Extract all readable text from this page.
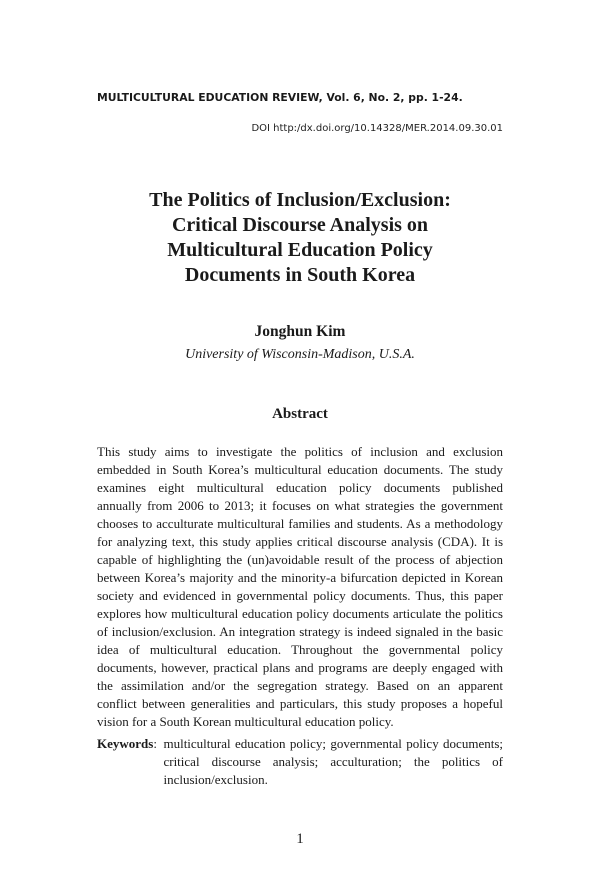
MULTICULTURAL EDUCATION REVIEW, Vol. 6, No. 2, pp. 1-24.
DOI http:/dx.doi.org/10.14328/MER.2014.09.30.01
The Politics of Inclusion/Exclusion:
Critical Discourse Analysis on
Multicultural Education Policy
Documents in South Korea
Jonghun Kim
University of Wisconsin-Madison, U.S.A.
Abstract
This study aims to investigate the politics of inclusion and exclusion
embedded in South Korea’s multicultural education documents. The study
examines eight multicultural education policy documents published
annually from 2006 to 2013; it focuses on what strategies the government
chooses to acculturate multicultural families and students. As a methodology
for analyzing text, this study applies critical discourse analysis (CDA). It is
capable of highlighting the (un)avoidable result of the process of abjection
between Korea’s majority and the minority-a bifurcation depicted in Korean
society and evidenced in governmental policy documents. Thus, this paper
explores how multicultural education policy documents articulate the politics
of inclusion/exclusion. An integration strategy is indeed signaled in the basic
idea of multicultural education. Throughout the governmental policy
documents, however, practical plans and programs are deeply engaged with
the assimilation and/or the segregation strategy. Based on an apparent
conflict between generalities and particulars, this study proposes a hopeful
vision for a South Korean multicultural education policy.
Keywords : multicultural education policy; governmental policy documents;
critical discourse analysis; acculturation; the politics of
inclusion/exclusion.
1
